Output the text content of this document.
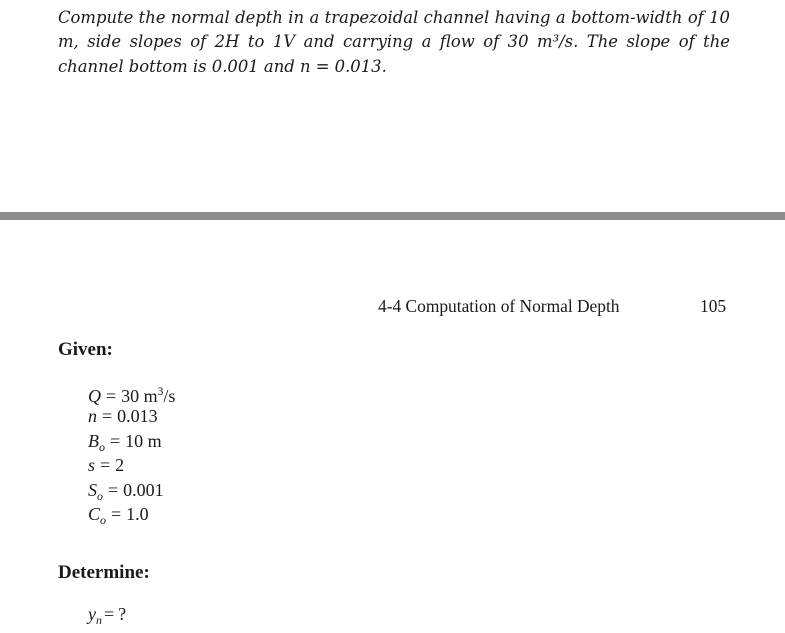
Compute the normal depth in a trapezoidal channel having a bottom-width of 10 m, side slopes of 2H to 1V and carrying a flow of 30 m³/s. The slope of the channel bottom is 0.001 and n = 0.013.

4-4 Computation of Normal Depth	105
Given:
Q = 30 $m^3/s$
n = 0.013
$B_o = 10$ m
s = 2
$S_o = 0.001$
$C_o = 1.0$
Determine:
$y_n$ = ?
